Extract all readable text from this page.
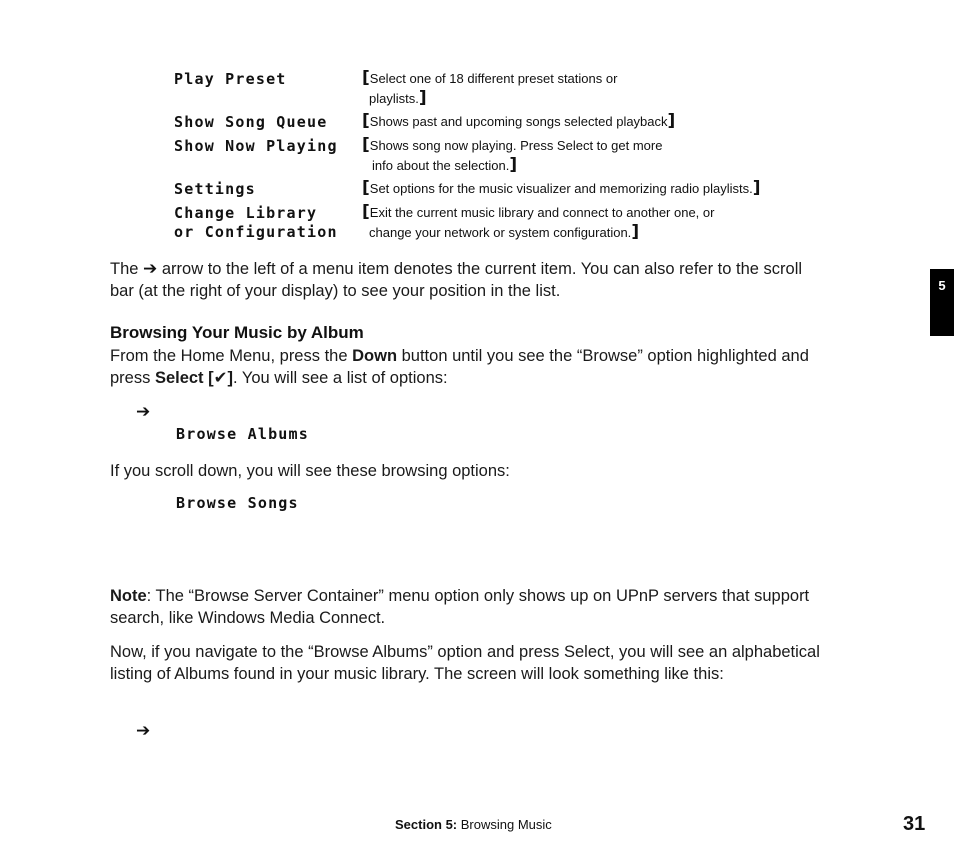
Play Preset	[Select one of 18 different preset stations or
playlists.]
Show Song Queue [Shows past and upcoming songs selected playback]
Show Now Playing [Shows song now playing. Press Select to get more
info about the selection.]
Settings	[Set options for the music visualizer and memorizing radio playlists.]
Change Library
or Configuration
[Exit the current music library and connect to another one, or
change your network or system configuration.]
The ➔ arrow to the left of a menu item denotes the current item. You can also refer to the scroll bar (at the right of your display) to see your position in the list.
Browsing Your Music by Album
From the Home Menu, press the Down button until you see the “Browse” option highlighted and press Select [✔]. You will see a list of options:
➔
Browse Albums
If you scroll down, you will see these browsing options:
Browse Songs
Note: The “Browse Server Container” menu option only shows up on UPnP servers that support search, like Windows Media Connect.
Now, if you navigate to the “Browse Albums” option and press Select, you will see an alphabetical listing of Albums found in your music library. The screen will look something like this:
➔
5
Section 5: Browsing Music	31
